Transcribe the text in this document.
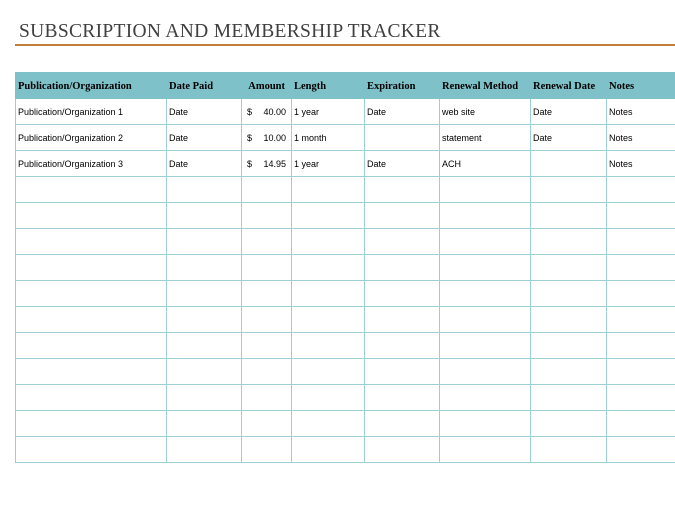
SUBSCRIPTION AND MEMBERSHIP TRACKER
Publication/Organization	Date Paid	Amount	Length	Expiration	Renewal Method	Renewal Date	Notes
Publication/Organization 1	Date	$ 40.00	1 year	Date	web site	Date	Notes
Publication/Organization 2	Date	$ 10.00	1 month		statement	Date	Notes
Publication/Organization 3	Date	$ 14.95	1 year	Date	ACH		Notes
